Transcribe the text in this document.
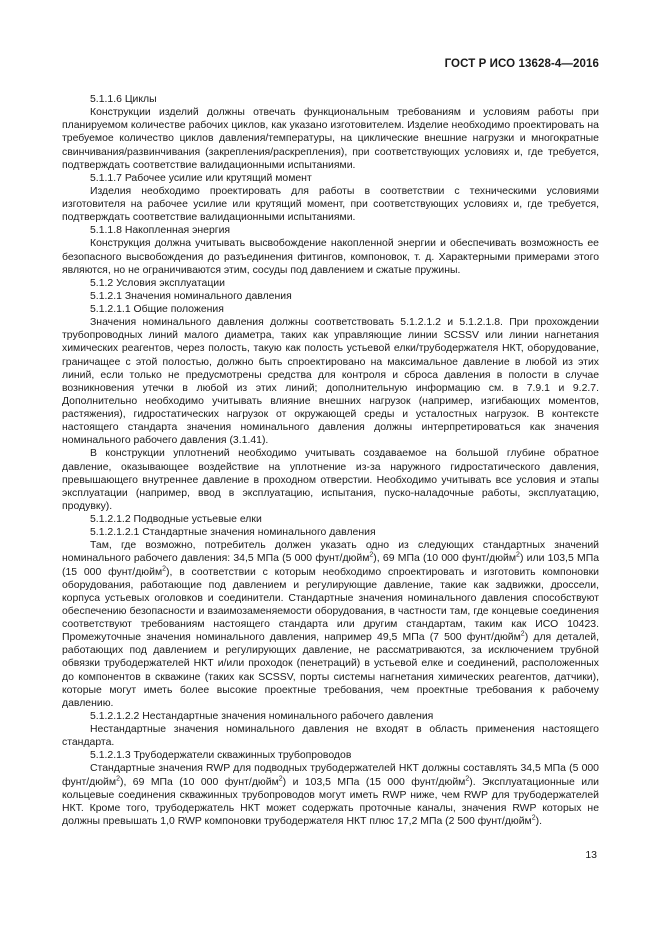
ГОСТ Р ИСО 13628-4—2016

5.1.1.6 Циклы

Конструкции изделий должны отвечать функциональным требованиям и условиям работы при планируемом количестве рабочих циклов, как указано изготовителем. Изделие необходимо проектировать на требуемое количество циклов давления/температуры, на циклические внешние нагрузки и многократные свинчивания/развинчивания (закрепления/раскрепления), при соответствующих условиях и, где требуется, подтверждать соответствие валидационными испытаниями.

5.1.1.7 Рабочее усилие или крутящий момент

Изделия необходимо проектировать для работы в соответствии с техническими условиями изготовителя на рабочее усилие или крутящий момент, при соответствующих условиях и, где требуется, подтверждать соответствие валидационными испытаниями.

5.1.1.8 Накопленная энергия

Конструкция должна учитывать высвобождение накопленной энергии и обеспечивать возможность ее безопасного высвобождения до разъединения фитингов, компоновок, т. д. Характерными примерами этого являются, но не ограничиваются этим, сосуды под давлением и сжатые пружины.

5.1.2 Условия эксплуатации

5.1.2.1 Значения номинального давления

5.1.2.1.1 Общие положения

Значения номинального давления должны соответствовать 5.1.2.1.2 и 5.1.2.1.8. При прохождении трубопроводных линий малого диаметра, таких как управляющие линии SCSSV или линии нагнетания химических реагентов, через полость, такую как полость устьевой елки/трубодержателя НКТ, оборудование, граничащее с этой полостью, должно быть спроектировано на максимальное давление в любой из этих линий, если только не предусмотрены средства для контроля и сброса давления в полости в случае возникновения утечки в любой из этих линий; дополнительную информацию см. в 7.9.1 и 9.2.7. Дополнительно необходимо учитывать влияние внешних нагрузок (например, изгибающих моментов, растяжения), гидростатических нагрузок от окружающей среды и усталостных нагрузок. В контексте настоящего стандарта значения номинального давления должны интерпретироваться как значения номинального рабочего давления (3.1.41).

В конструкции уплотнений необходимо учитывать создаваемое на большой глубине обратное давление, оказывающее воздействие на уплотнение из-за наружного гидростатического давления, превышающего внутреннее давление в проходном отверстии. Необходимо учитывать все условия и этапы эксплуатации (например, ввод в эксплуатацию, испытания, пуско-наладочные работы, эксплуатацию, продувку).

5.1.2.1.2 Подводные устьевые елки

5.1.2.1.2.1 Стандартные значения номинального давления

Там, где возможно, потребитель должен указать одно из следующих стандартных значений номинального рабочего давления: 34,5 МПа (5 000 фунт/дюйм$^2$), 69 МПа (10 000 фунт/дюйм$^2$) или 103,5 МПа (15 000 фунт/дюйм$^2$), в соответствии с которым необходимо спроектировать и изготовить компоновки оборудования, работающие под давлением и регулирующие давление, такие как задвижки, дроссели, корпуса устьевых оголовков и соединители. Стандартные значения номинального давления способствуют обеспечению безопасности и взаимозаменяемости оборудования, в частности там, где концевые соединения соответствуют требованиям настоящего стандарта или другим стандартам, таким как ИСО 10423. Промежуточные значения номинального давления, например 49,5 МПа (7 500 фунт/дюйм$^2$) для деталей, работающих под давлением и регулирующих давление, не рассматриваются, за исключением трубной обвязки трубодержателей НКТ и/или проходок (пенетраций) в устьевой елке и соединений, расположенных до компонентов в скважине (таких как SCSSV, порты системы нагнетания химических реагентов, датчики), которые могут иметь более высокие проектные требования, чем проектные требования к рабочему давлению.

5.1.2.1.2.2 Нестандартные значения номинального рабочего давления

Нестандартные значения номинального давления не входят в область применения настоящего стандарта.

5.1.2.1.3 Трубодержатели скважинных трубопроводов

Стандартные значения RWP для подводных трубодержателей НКТ должны составлять 34,5 МПа (5 000 фунт/дюйм$^2$), 69 МПа (10 000 фунт/дюйм$^2$) и 103,5 МПа (15 000 фунт/дюйм$^2$). Эксплуатационные или кольцевые соединения скважинных трубопроводов могут иметь RWP ниже, чем RWP для трубодержателей НКТ. Кроме того, трубодержатель НКТ может содержать проточные каналы, значения RWP которых не должны превышать 1,0 RWP компоновки трубодержателя НКТ плюс 17,2 МПа (2 500 фунт/дюйм$^2$).

13
